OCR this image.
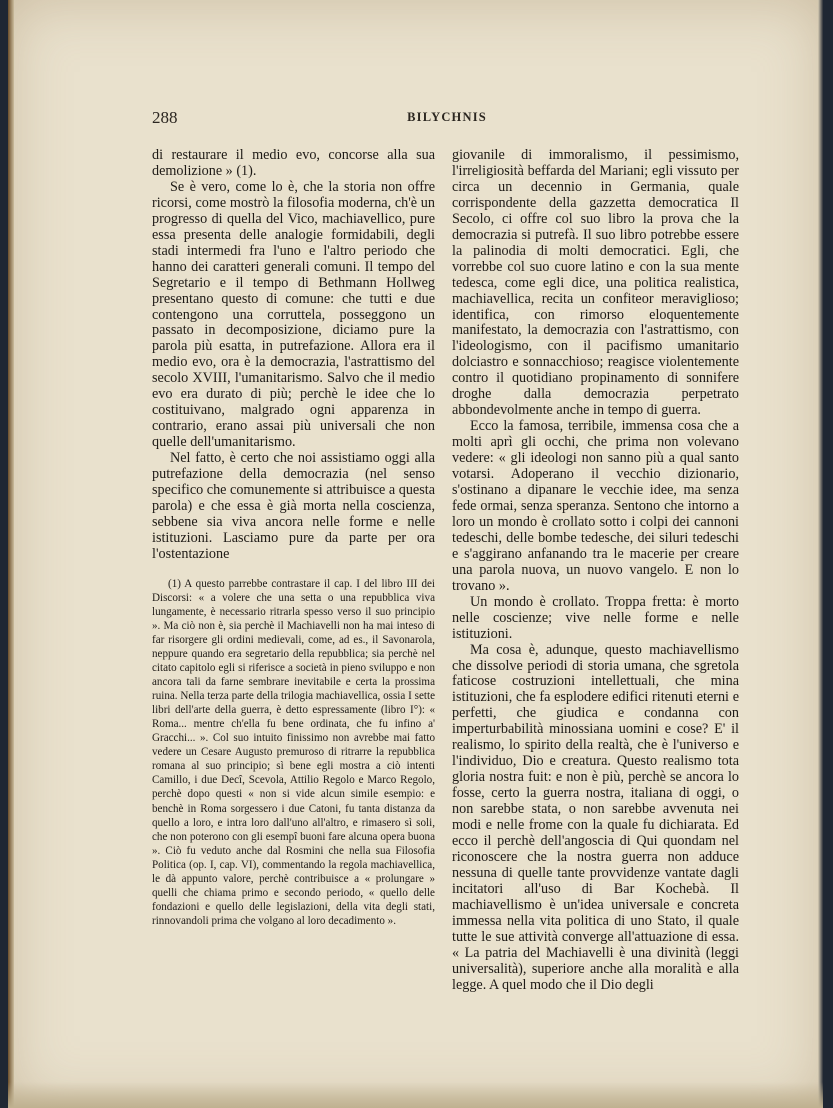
288	BILYCHNIS

di restaurare il medio evo, concorse alla sua demolizione » (1).

Se è vero, come lo è, che la storia non offre ricorsi, come mostrò la filosofia moderna, ch'è un progresso di quella del Vico, machiavellico, pure essa presenta delle analogie formidabili, degli stadi intermedi fra l'uno e l'altro periodo che hanno dei caratteri generali comuni. Il tempo del Segretario e il tempo di Bethmann Hollweg presentano questo di comune: che tutti e due contengono una corruttela, posseggono un passato in decomposizione, diciamo pure la parola più esatta, in putrefazione. Allora era il medio evo, ora è la democrazia, l'astrattismo del secolo XVIII, l'umanitarismo. Salvo che il medio evo era durato di più; perchè le idee che lo costituivano, malgrado ogni apparenza in contrario, erano assai più universali che non quelle dell'umanitarismo.

Nel fatto, è certo che noi assistiamo oggi alla putrefazione della democrazia (nel senso specifico che comunemente si attribuisce a questa parola) e che essa è già morta nella coscienza, sebbene sia viva ancora nelle forme e nelle istituzioni. Lasciamo pure da parte per ora l'ostentazione

(1) A questo parrebbe contrastare il cap. I del libro III dei Discorsi: « a volere che una setta o una repubblica viva lungamente, è necessario ritrarla spesso verso il suo principio ». Ma ciò non è, sia perchè il Machiavelli non ha mai inteso di far risorgere gli ordini medievali, come, ad es., il Savonarola, neppure quando era segretario della repubblica; sia perchè nel citato capitolo egli si riferisce a società in pieno sviluppo e non ancora tali da farne sembrare inevitabile e certa la prossima ruina. Nella terza parte della trilogia machiavellica, ossia I sette libri dell'arte della guerra, è detto espressamente (libro I°): « Roma... mentre ch'ella fu bene ordinata, che fu infino a' Gracchi... ». Col suo intuito finissimo non avrebbe mai fatto vedere un Cesare Augusto premuroso di ritrarre la repubblica romana al suo principio; sì bene egli mostra a ciò intenti Camillo, i due Decî, Scevola, Attilio Regolo e Marco Regolo, perchè dopo questi « non si vide alcun simile esempio: e benchè in Roma sorgessero i due Catoni, fu tanta distanza da quello a loro, e intra loro dall'uno all'altro, e rimasero sì soli, che non poterono con gli esempî buoni fare alcuna opera buona ». Ciò fu veduto anche dal Rosmini che nella sua Filosofia Politica (op. I, cap. VI), commentando la regola machiavellica, le dà appunto valore, perchè contribuisce a « prolungare » quelli che chiama primo e secondo periodo, « quello delle fondazioni e quello delle legislazioni, della vita degli stati, rinnovandoli prima che volgano al loro decadimento ».

giovanile di immoralismo, il pessimismo, l'irreligiosità beffarda del Mariani; egli vissuto per circa un decennio in Germania, quale corrispondente della gazzetta democratica Il Secolo, ci offre col suo libro la prova che la democrazia si putrefà. Il suo libro potrebbe essere la palinodia di molti democratici. Egli, che vorrebbe col suo cuore latino e con la sua mente tedesca, come egli dice, una politica realistica, machiavellica, recita un confiteor meraviglioso; identifica, con rimorso eloquentemente manifestato, la democrazia con l'astrattismo, con l'ideologismo, con il pacifismo umanitario dolciastro e sonnacchioso; reagisce violentemente contro il quotidiano propinamento di sonnifere droghe dalla democrazia perpetrato abbondevolmente anche in tempo di guerra.

Ecco la famosa, terribile, immensa cosa che a molti aprì gli occhi, che prima non volevano vedere: « gli ideologi non sanno più a qual santo votarsi. Adoperano il vecchio dizionario, s'ostinano a dipanare le vecchie idee, ma senza fede ormai, senza speranza. Sentono che intorno a loro un mondo è crollato sotto i colpi dei cannoni tedeschi, delle bombe tedesche, dei siluri tedeschi e s'aggirano anfanando tra le macerie per creare una parola nuova, un nuovo vangelo. E non lo trovano ».

Un mondo è crollato. Troppa fretta: è morto nelle coscienze; vive nelle forme e nelle istituzioni.

Ma cosa è, adunque, questo machiavellismo che dissolve periodi di storia umana, che sgretola faticose costruzioni intellettuali, che mina istituzioni, che fa esplodere edifici ritenuti eterni e perfetti, che giudica e condanna con imperturbabilità minossiana uomini e cose? E' il realismo, lo spirito della realtà, che è l'universo e l'individuo, Dio e creatura. Questo realismo tota gloria nostra fuit: e non è più, perchè se ancora lo fosse, certo la guerra nostra, italiana di oggi, o non sarebbe stata, o non sarebbe avvenuta nei modi e nelle frome con la quale fu dichiarata. Ed ecco il perchè dell'angoscia di Qui quondam nel riconoscere che la nostra guerra non adduce nessuna di quelle tante provvidenze vantate dagli incitatori all'uso di Bar Kochebà. Il machiavellismo è un'idea universale e concreta immessa nella vita politica di uno Stato, il quale tutte le sue attività converge all'attuazione di essa. « La patria del Machiavelli è una divinità (leggi universalità), superiore anche alla moralità e alla legge. A quel modo che il Dio degli
